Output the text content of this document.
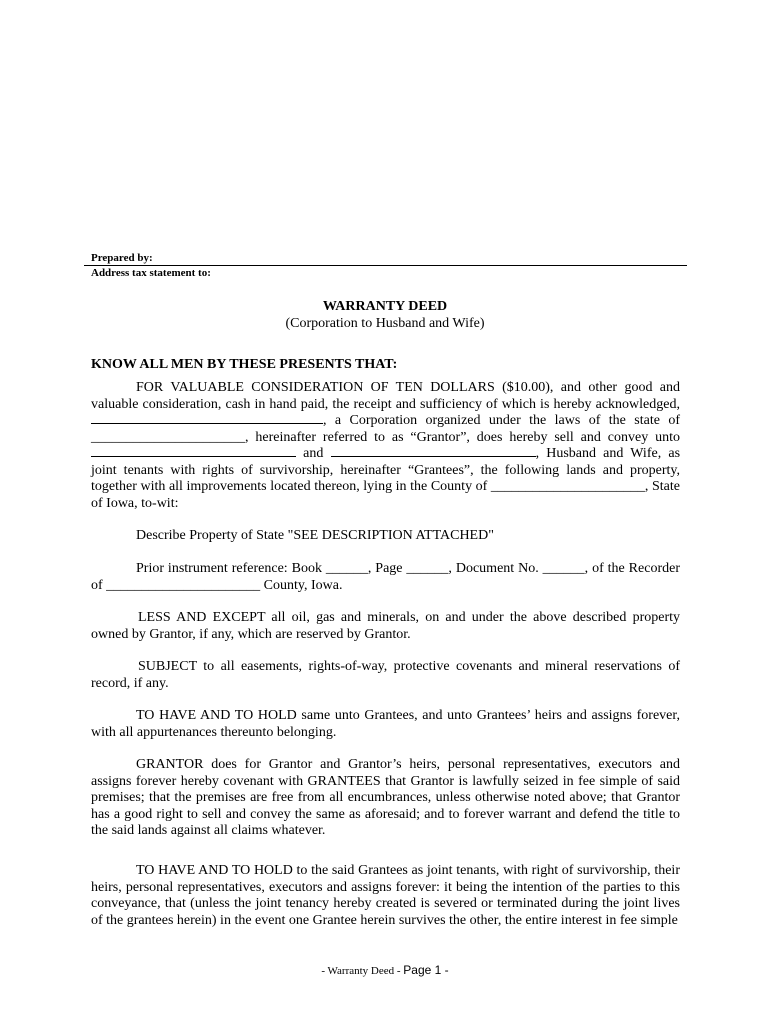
Prepared by:
Address tax statement to:
WARRANTY DEED
(Corporation to Husband and Wife)
KNOW ALL MEN BY THESE PRESENTS THAT:
FOR VALUABLE CONSIDERATION OF TEN DOLLARS ($10.00), and other good and valuable consideration, cash in hand paid, the receipt and sufficiency of which is hereby acknowledged, , a Corporation organized under the laws of the state of ______________________, hereinafter referred to as “Grantor”, does hereby sell and convey unto  and	, Husband and Wife, as joint tenants with rights of survivorship, hereinafter “Grantees”, the following lands and property, together with all improvements located thereon, lying in the County of ______________________, State of Iowa, to-wit:
Describe Property of State "SEE DESCRIPTION ATTACHED"
Prior instrument reference: Book ______, Page ______, Document No. ______, of the Recorder of ______________________ County, Iowa.
LESS AND EXCEPT all oil, gas and minerals, on and under the above described property owned by Grantor, if any, which are reserved by Grantor.
SUBJECT to all easements, rights-of-way, protective covenants and mineral reservations of record, if any.
TO HAVE AND TO HOLD same unto Grantees, and unto Grantees’ heirs and assigns forever, with all appurtenances thereunto belonging.
GRANTOR does for Grantor and Grantor’s heirs, personal representatives, executors and assigns forever hereby covenant with GRANTEES that Grantor is lawfully seized in fee simple of said premises; that the premises are free from all encumbrances, unless otherwise noted above; that Grantor has a good right to sell and convey the same as aforesaid; and to forever warrant and defend the title to the said lands against all claims whatever.
TO HAVE AND TO HOLD to the said Grantees as joint tenants, with right of survivorship, their heirs, personal representatives, executors and assigns forever: it being the intention of the parties to this conveyance, that (unless the joint tenancy hereby created is severed or terminated during the joint lives of the grantees herein) in the event one Grantee herein survives the other, the entire interest in fee simple
- Warranty Deed - Page 1 -
